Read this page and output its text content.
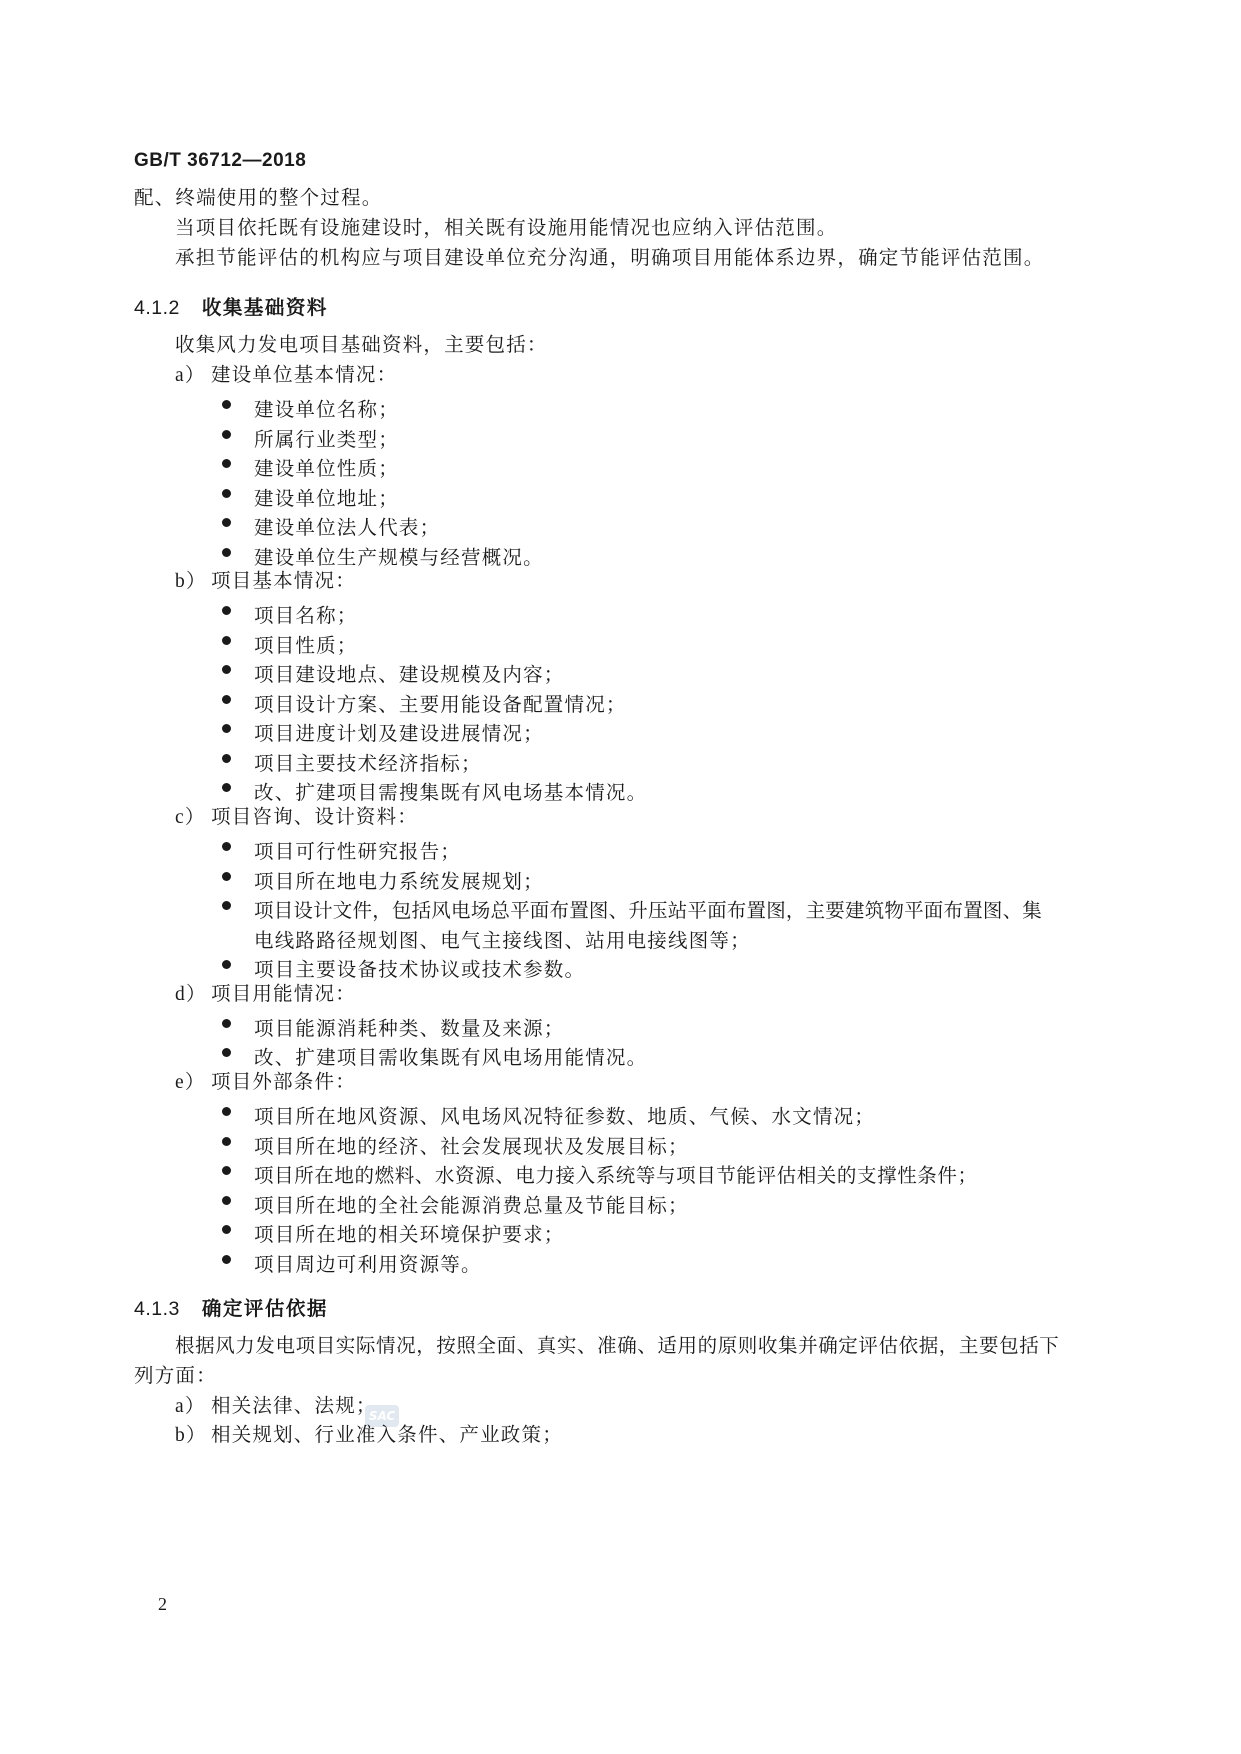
GB/T 36712—2018
配、终端使用的整个过程。
当项目依托既有设施建设时，相关既有设施用能情况也应纳入评估范围。
承担节能评估的机构应与项目建设单位充分沟通，明确项目用能体系边界，确定节能评估范围。
4.1.2 收集基础资料
收集风力发电项目基础资料，主要包括：
a） 建设单位基本情况：
建设单位名称；
所属行业类型；
建设单位性质；
建设单位地址；
建设单位法人代表；
建设单位生产规模与经营概况。
b） 项目基本情况：
项目名称；
项目性质；
项目建设地点、建设规模及内容；
项目设计方案、主要用能设备配置情况；
项目进度计划及建设进展情况；
项目主要技术经济指标；
改、扩建项目需搜集既有风电场基本情况。
c） 项目咨询、设计资料：
项目可行性研究报告；
项目所在地电力系统发展规划；
项目设计文件，包括风电场总平面布置图、升压站平面布置图，主要建筑物平面布置图、集
电线路路径规划图、电气主接线图、站用电接线图等；
项目主要设备技术协议或技术参数。
d） 项目用能情况：
项目能源消耗种类、数量及来源；
改、扩建项目需收集既有风电场用能情况。
e） 项目外部条件：
项目所在地风资源、风电场风况特征参数、地质、气候、水文情况；
项目所在地的经济、社会发展现状及发展目标；
项目所在地的燃料、水资源、电力接入系统等与项目节能评估相关的支撑性条件；
项目所在地的全社会能源消费总量及节能目标；
项目所在地的相关环境保护要求；
项目周边可利用资源等。
SAC
4.1.3 确定评估依据
根据风力发电项目实际情况，按照全面、真实、准确、适用的原则收集并确定评估依据，主要包括下
列方面：
a） 相关法律、法规；
b） 相关规划、行业准入条件、产业政策；
2
